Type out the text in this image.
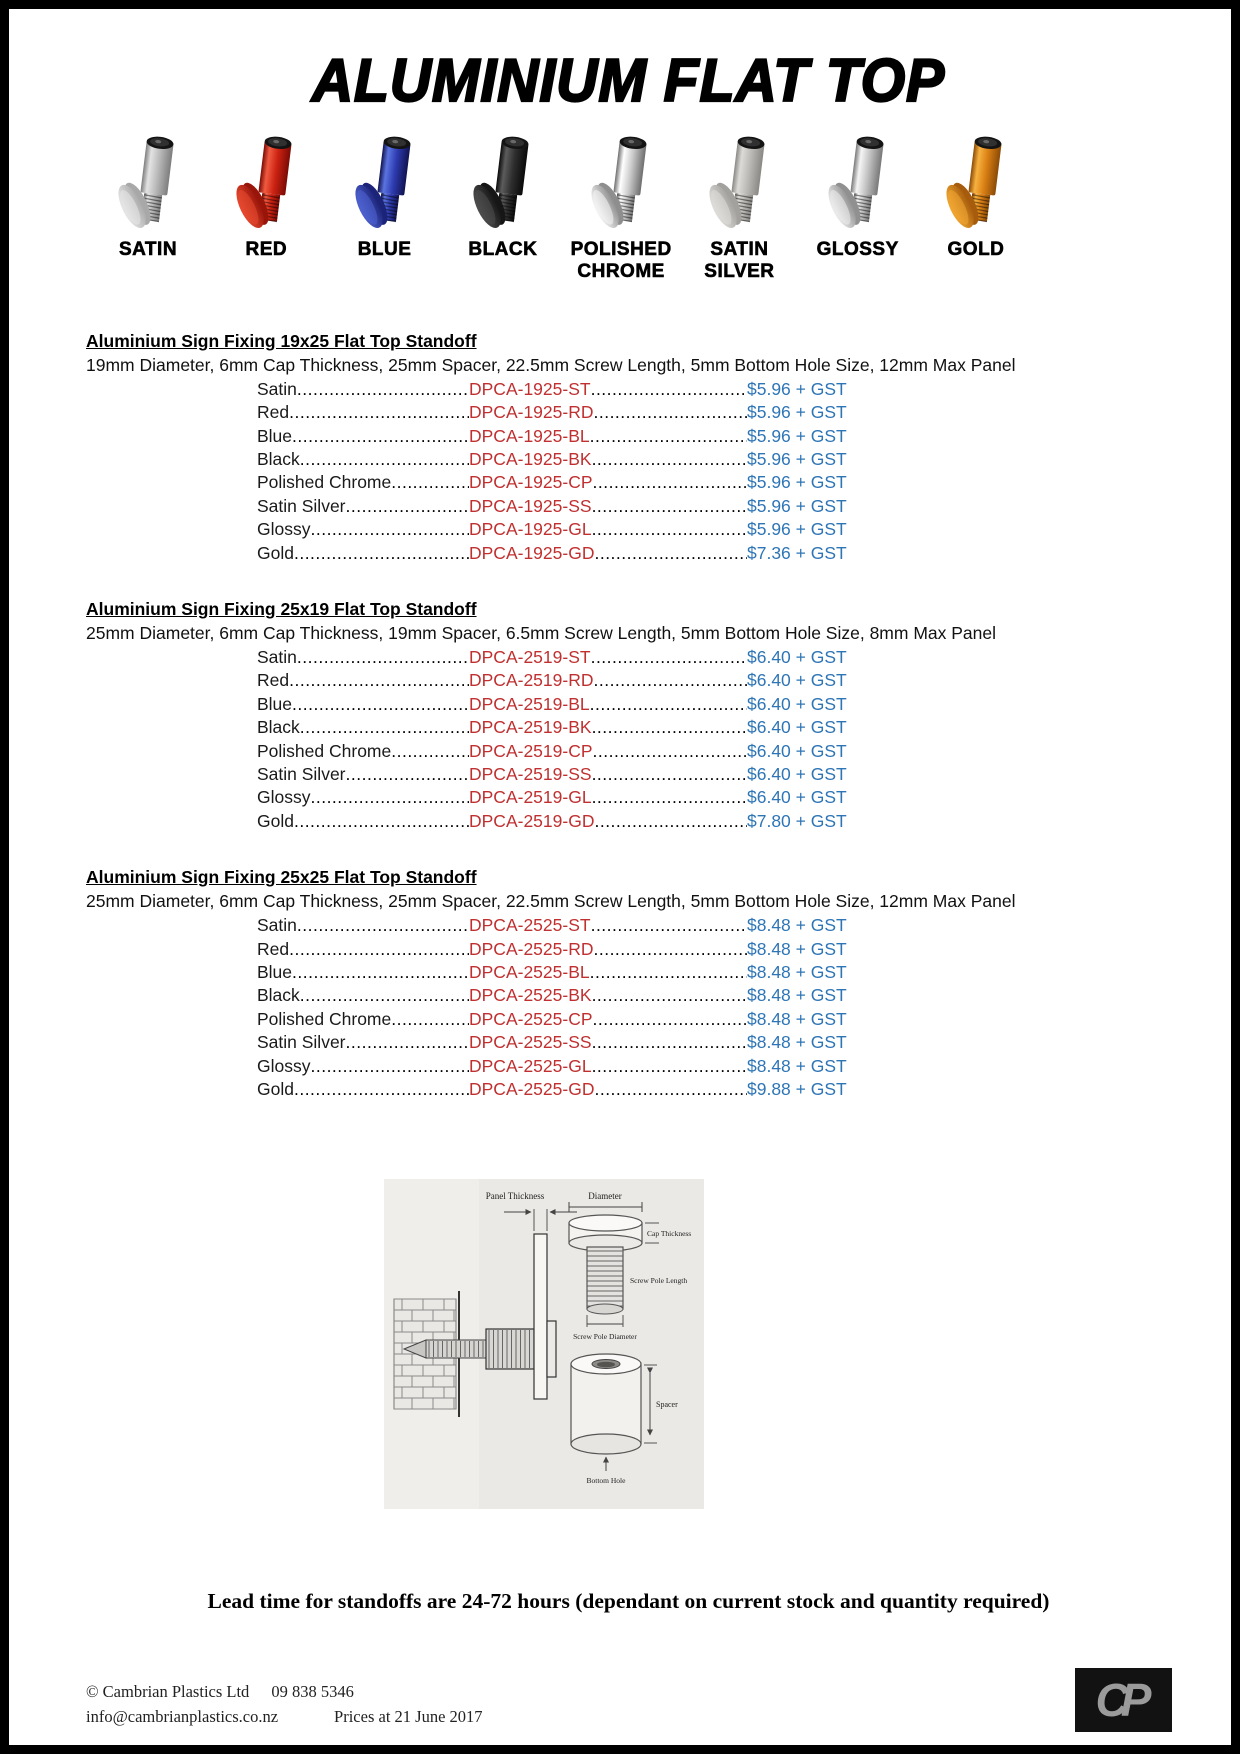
ALUMINIUM FLAT TOP
SATIN	RED	BLUE	BLACK POLISHED CHROME
SATIN SILVER
GLOSSY	GOLD
Aluminium Sign Fixing 19x25 Flat Top Standoff

19mm Diameter, 6mm Cap Thickness, 25mm Spacer, 22.5mm Screw Length, 5mm Bottom Hole Size, 12mm Max Panel

Satin .....	DPCA-1925-ST .....	$5.96 + GST
Red .....	DPCA-1925-RD .....	$5.96 + GST
Blue .....	DPCA-1925-BL .....	$5.96 + GST
Black .....	DPCA-1925-BK .....	$5.96 + GST
Polished Chrome .....	DPCA-1925-CP .....	$5.96 + GST
Satin Silver .....	DPCA-1925-SS .....	$5.96 + GST
Glossy .....	DPCA-1925-GL .....	$5.96 + GST
Gold .....	DPCA-1925-GD .....	$7.36 + GST
Aluminium Sign Fixing 25x19 Flat Top Standoff

25mm Diameter, 6mm Cap Thickness, 19mm Spacer, 6.5mm Screw Length, 5mm Bottom Hole Size, 8mm Max Panel

Satin .....	DPCA-2519-ST .....	$6.40 + GST
Red .....	DPCA-2519-RD .....	$6.40 + GST
Blue .....	DPCA-2519-BL .....	$6.40 + GST
Black .....	DPCA-2519-BK .....	$6.40 + GST
Polished Chrome .....	DPCA-2519-CP .....	$6.40 + GST
Satin Silver .....	DPCA-2519-SS .....	$6.40 + GST
Glossy .....	DPCA-2519-GL .....	$6.40 + GST
Gold .....	DPCA-2519-GD .....	$7.80 + GST
Aluminium Sign Fixing 25x25 Flat Top Standoff

25mm Diameter, 6mm Cap Thickness, 25mm Spacer, 22.5mm Screw Length, 5mm Bottom Hole Size, 12mm Max Panel

Satin .....	DPCA-2525-ST .....	$8.48 + GST
Red .....	DPCA-2525-RD .....	$8.48 + GST
Blue .....	DPCA-2525-BL .....	$8.48 + GST
Black .....	DPCA-2525-BK .....	$8.48 + GST
Polished Chrome .....	DPCA-2525-CP .....	$8.48 + GST
Satin Silver .....	DPCA-2525-SS .....	$8.48 + GST
Glossy .....	DPCA-2525-GL .....	$8.48 + GST
Gold .....	DPCA-2525-GD .....	$9.88 + GST
Panel Thickness	Diameter
Cap Thickness
Screw Pole Length
Screw Pole Diameter
Spacer
Bottom Hole

Lead time for standoffs are 24-72 hours (dependant on current stock and quantity required)

© Cambrian Plastics Ltd 09 838 5346
info@cambrianplastics.co.nz	Prices at 21 June 2017	CP
